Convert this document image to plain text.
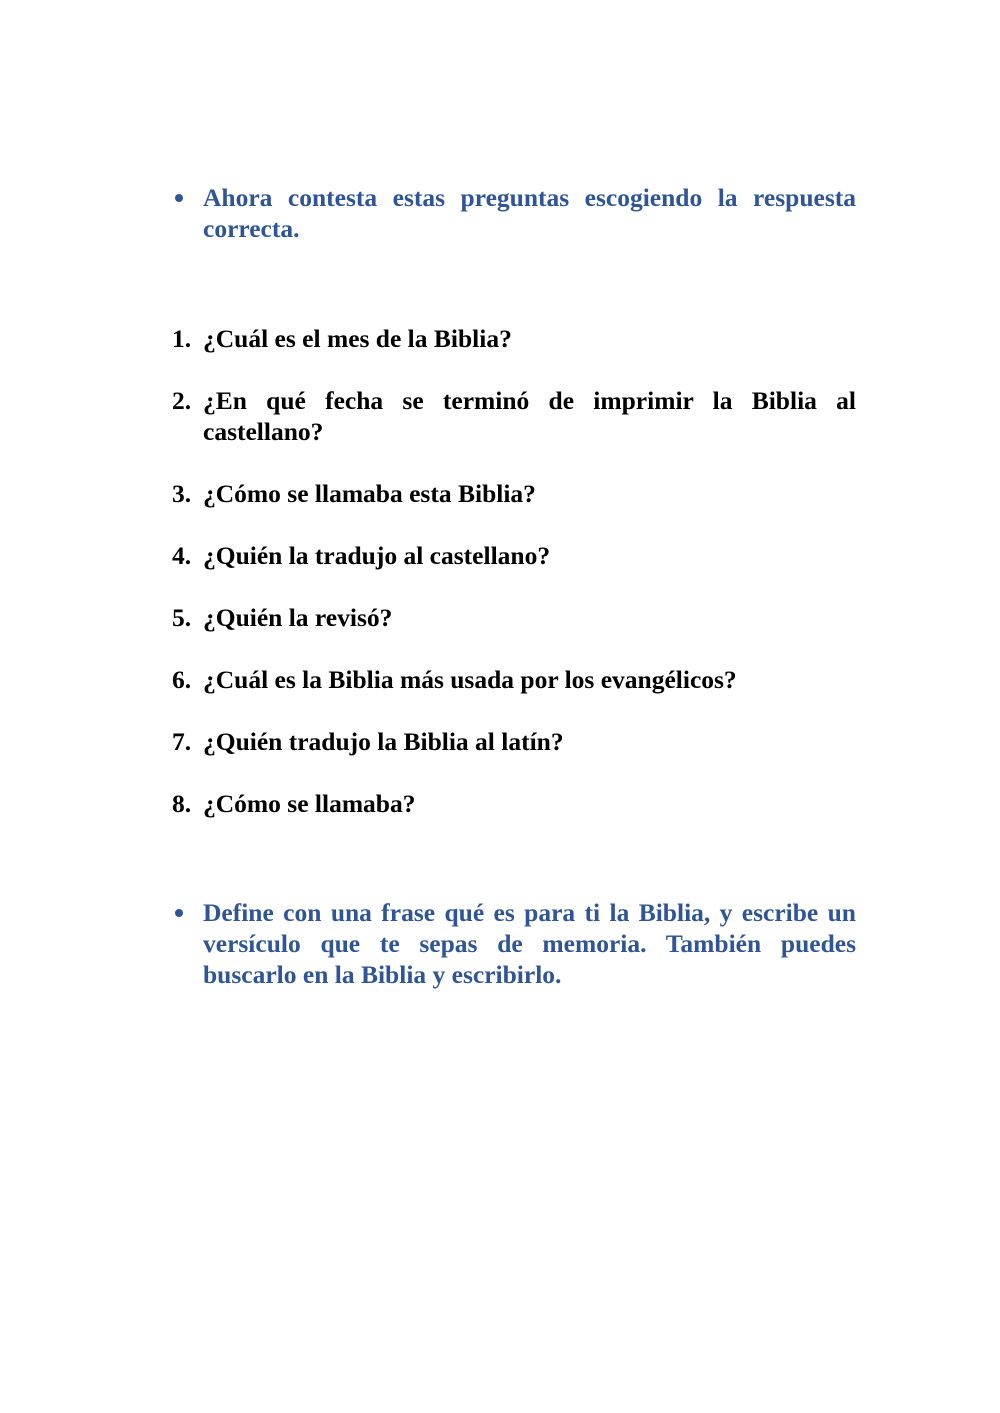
Ahora contesta estas preguntas escogiendo la respuesta correcta.
1. ¿Cuál es el mes de la Biblia?
2. ¿En qué fecha se terminó de imprimir la Biblia al castellano?
3. ¿Cómo se llamaba esta Biblia?
4. ¿Quién la tradujo al castellano?
5. ¿Quién la revisó?
6. ¿Cuál es la Biblia más usada por los evangélicos?
7. ¿Quién tradujo la Biblia al latín?
8. ¿Cómo se llamaba?
Define con una frase qué es para ti la Biblia, y escribe un versículo que te sepas de memoria. También puedes buscarlo en la Biblia y escribirlo.
